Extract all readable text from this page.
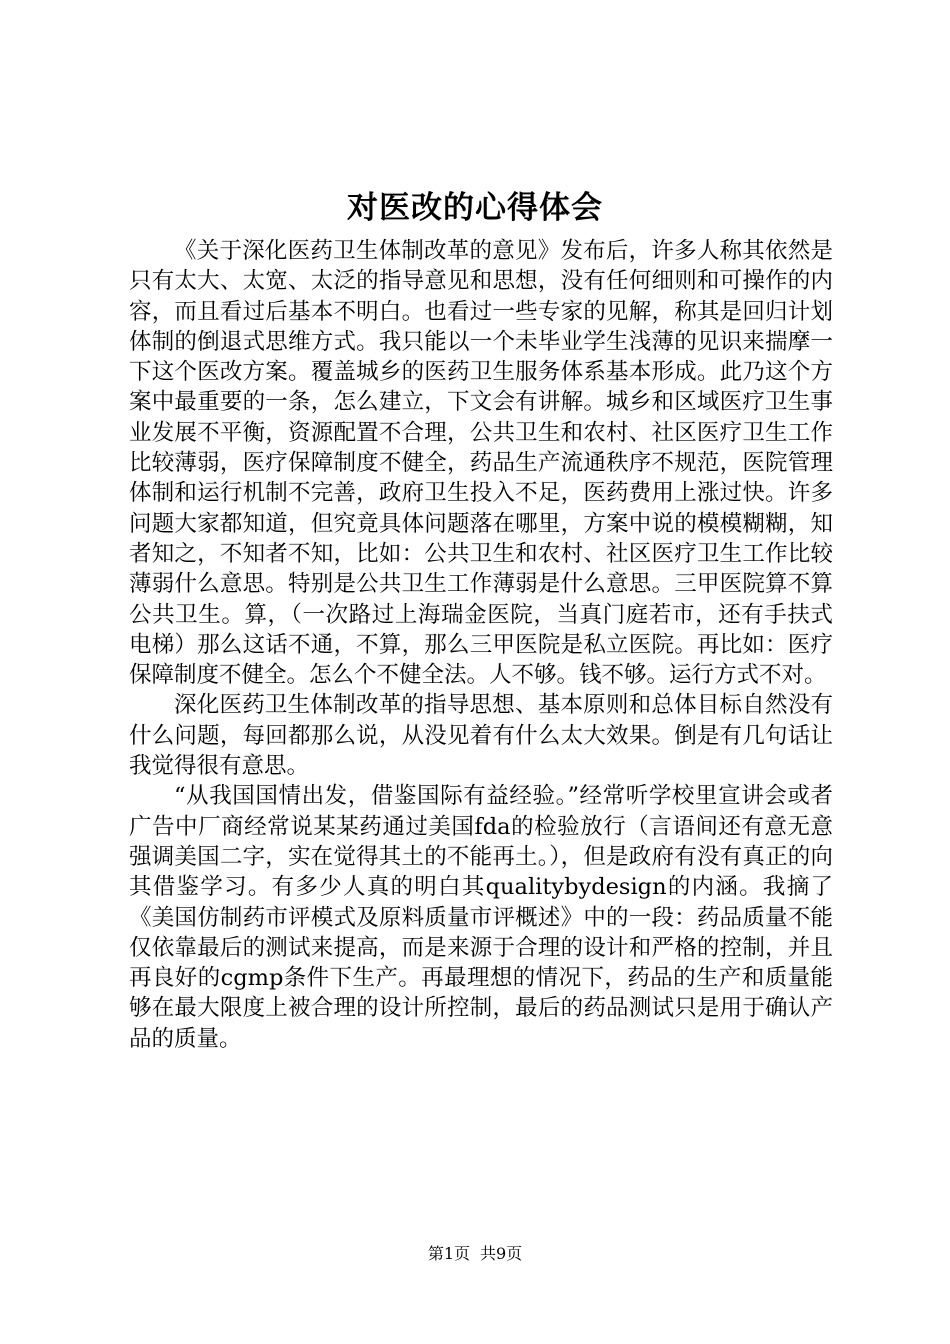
对医改的心得体会

《关于深化医药卫生体制改革的意见》发布后，许多人称其依然是只有太大、太宽、太泛的指导意见和思想，没有任何细则和可操作的内容，而且看过后基本不明白。也看过一些专家的见解，称其是回归计划体制的倒退式思维方式。我只能以一个未毕业学生浅薄的见识来揣摩一下这个医改方案。覆盖城乡的医药卫生服务体系基本形成。此乃这个方案中最重要的一条，怎么建立，下文会有讲解。城乡和区域医疗卫生事业发展不平衡，资源配置不合理，公共卫生和农村、社区医疗卫生工作比较薄弱，医疗保障制度不健全，药品生产流通秩序不规范，医院管理体制和运行机制不完善，政府卫生投入不足，医药费用上涨过快。许多问题大家都知道，但究竟具体问题落在哪里，方案中说的模模糊糊，知者知之，不知者不知，比如：公共卫生和农村、社区医疗卫生工作比较薄弱什么意思。特别是公共卫生工作薄弱是什么意思。三甲医院算不算公共卫生。算，（一次路过上海瑞金医院，当真门庭若市，还有手扶式电梯）那么这话不通，不算，那么三甲医院是私立医院。再比如：医疗保障制度不健全。怎么个不健全法。人不够。钱不够。运行方式不对。

深化医药卫生体制改革的指导思想、基本原则和总体目标自然没有什么问题，每回都那么说，从没见着有什么太大效果。倒是有几句话让我觉得很有意思。

“从我国国情出发，借鉴国际有益经验。”经常听学校里宣讲会或者广告中厂商经常说某某药通过美国fda的检验放行（言语间还有意无意强调美国二字，实在觉得其土的不能再土。），但是政府有没有真正的向其借鉴学习。有多少人真的明白其qualitybydesign的内涵。我摘了《美国仿制药市评模式及原料质量市评概述》中的一段：药品质量不能仅依靠最后的测试来提高，而是来源于合理的设计和严格的控制，并且再良好的cgmp条件下生产。再最理想的情况下，药品的生产和质量能够在最大限度上被合理的设计所控制，最后的药品测试只是用于确认产品的质量。

第1页 共9页
